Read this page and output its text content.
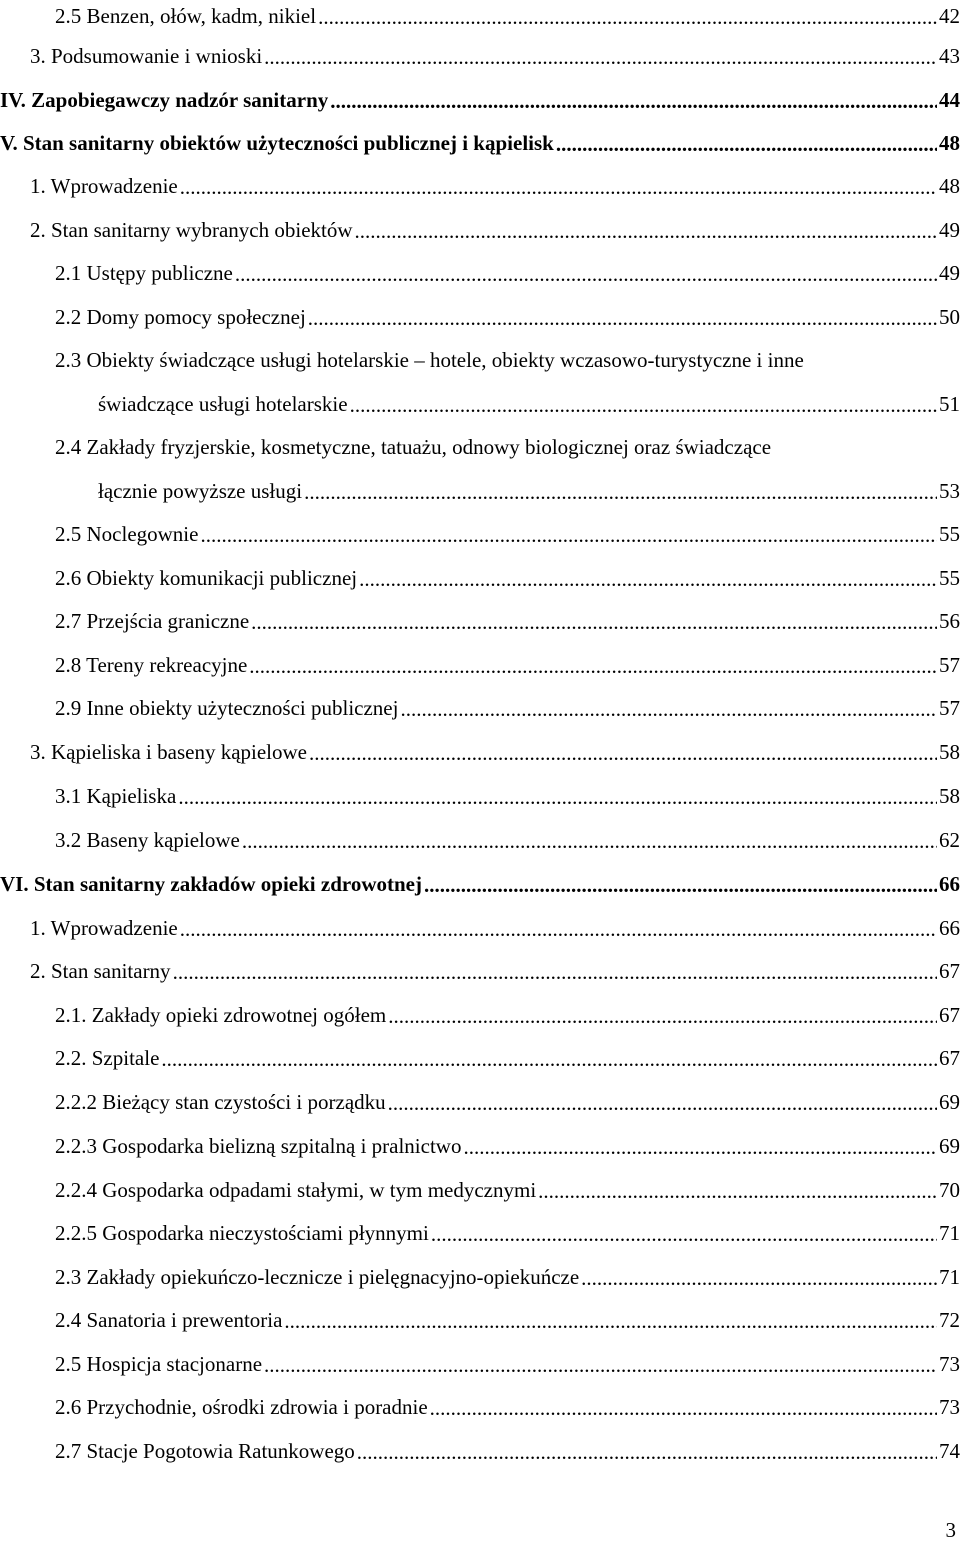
2.5 Benzen, ołów, kadm, nikiel .....	42
3. Podsumowanie i wnioski .....	43
IV. Zapobiegawczy nadzór sanitarny .....	44
V. Stan sanitarny obiektów użyteczności publicznej i kąpielisk .....	48
1. Wprowadzenie .....	48
2. Stan sanitarny wybranych obiektów .....	49
2.1 Ustępy publiczne .....	49
2.2 Domy pomocy społecznej .....	50
2.3 Obiekty świadczące usługi hotelarskie – hotele, obiekty wczasowo-turystyczne i inne
świadczące usługi hotelarskie .....	51
2.4 Zakłady fryzjerskie, kosmetyczne, tatuażu, odnowy biologicznej oraz świadczące
łącznie powyższe usługi .....	53
2.5 Noclegownie .....	55
2.6 Obiekty komunikacji publicznej .....	55
2.7 Przejścia graniczne .....	56
2.8 Tereny rekreacyjne .....	57
2.9 Inne obiekty użyteczności publicznej .....	57
3. Kąpieliska i baseny kąpielowe .....	58
3.1 Kąpieliska .....	58
3.2 Baseny kąpielowe .....	62
VI. Stan sanitarny zakładów opieki zdrowotnej .....	66
1. Wprowadzenie .....	66
2. Stan sanitarny .....	67
2.1. Zakłady opieki zdrowotnej ogółem .....	67
2.2. Szpitale .....	67
2.2.2 Bieżący stan czystości i porządku .....	69
2.2.3 Gospodarka bielizną szpitalną i pralnictwo .....	69
2.2.4 Gospodarka odpadami stałymi, w tym medycznymi .....	70
2.2.5 Gospodarka nieczystościami płynnymi .....	71
2.3 Zakłady opiekuńczo-lecznicze i pielęgnacyjno-opiekuńcze .....	71
2.4 Sanatoria i prewentoria .....	72
2.5 Hospicja stacjonarne .....	73
2.6 Przychodnie, ośrodki zdrowia i poradnie .....	73
2.7 Stacje Pogotowia Ratunkowego .....	74
3
